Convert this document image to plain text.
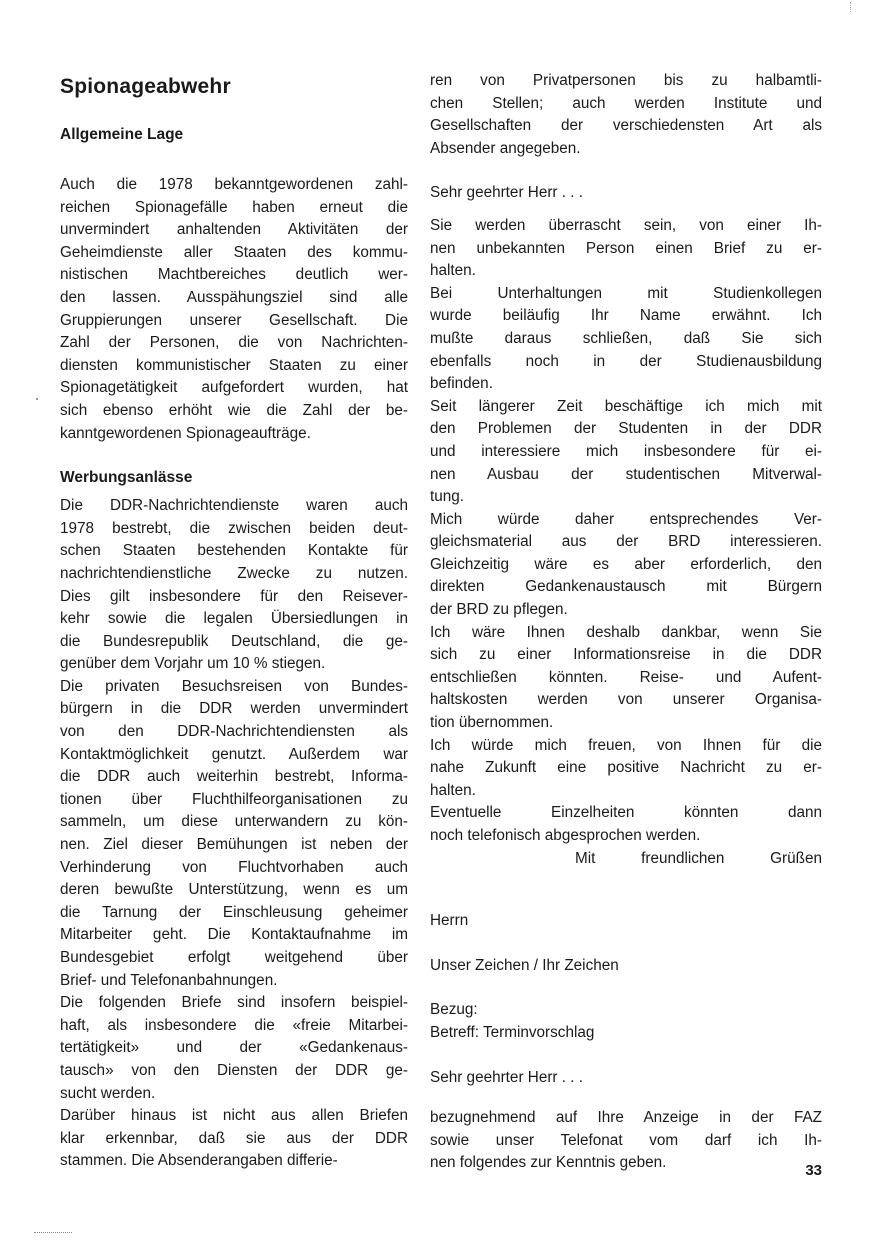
Spionageabwehr
Allgemeine Lage

Auch die 1978 bekanntgewordenen zahl-
reichen Spionagefälle haben erneut die
unvermindert anhaltenden Aktivitäten der
Geheimdienste aller Staaten des kommu-
nistischen Machtbereiches deutlich wer-
den lassen. Ausspähungsziel sind alle
Gruppierungen unserer Gesellschaft. Die
Zahl der Personen, die von Nachrichten-
diensten kommunistischer Staaten zu einer
Spionagetätigkeit aufgefordert wurden, hat
sich ebenso erhöht wie die Zahl der be-
kanntgewordenen Spionageaufträge.

Werbungsanlässe

Die DDR-Nachrichtendienste waren auch
1978 bestrebt, die zwischen beiden deut-
schen Staaten bestehenden Kontakte für
nachrichtendienstliche Zwecke zu nutzen.
Dies gilt insbesondere für den Reisever-
kehr sowie die legalen Übersiedlungen in
die Bundesrepublik Deutschland, die ge-
genüber dem Vorjahr um 10 % stiegen.
Die privaten Besuchsreisen von Bundes-
bürgern in die DDR werden unvermindert
von den DDR-Nachrichtendiensten als
Kontaktmöglichkeit genutzt. Außerdem war
die DDR auch weiterhin bestrebt, Informa-
tionen über Fluchthilfeorganisationen zu
sammeln, um diese unterwandern zu kön-
nen. Ziel dieser Bemühungen ist neben der
Verhinderung von Fluchtvorhaben auch
deren bewußte Unterstützung, wenn es um
die Tarnung der Einschleusung geheimer
Mitarbeiter geht. Die Kontaktaufnahme im
Bundesgebiet erfolgt weitgehend über
Brief- und Telefonanbahnungen.
Die folgenden Briefe sind insofern beispiel-
haft, als insbesondere die «freie Mitarbei-
tertätigkeit» und der «Gedankenaus-
tausch» von den Diensten der DDR ge-
sucht werden.
Darüber hinaus ist nicht aus allen Briefen
klar erkennbar, daß sie aus der DDR
stammen. Die Absenderangaben differie-

ren von Privatpersonen bis zu halbamtli-
chen Stellen; auch werden Institute und
Gesellschaften der verschiedensten Art als
Absender angegeben.

Sehr geehrter Herr . . .

Sie werden überrascht sein, von einer Ih-
nen unbekannten Person einen Brief zu er-
halten.
Bei Unterhaltungen mit Studienkollegen
wurde beiläufig Ihr Name erwähnt. Ich
mußte daraus schließen, daß Sie sich
ebenfalls noch in der Studienausbildung
befinden.
Seit längerer Zeit beschäftige ich mich mit
den Problemen der Studenten in der DDR
und interessiere mich insbesondere für ei-
nen Ausbau der studentischen Mitverwal-
tung.
Mich würde daher entsprechendes Ver-
gleichsmaterial aus der BRD interessieren.
Gleichzeitig wäre es aber erforderlich, den
direkten Gedankenaustausch mit Bürgern
der BRD zu pflegen.
Ich wäre Ihnen deshalb dankbar, wenn Sie
sich zu einer Informationsreise in die DDR
entschließen könnten. Reise- und Aufent-
haltskosten werden von unserer Organisa-
tion übernommen.
Ich würde mich freuen, von Ihnen für die
nahe Zukunft eine positive Nachricht zu er-
halten.
Eventuelle Einzelheiten könnten dann
noch telefonisch abgesprochen werden.

Mit freundlichen Grüßen
Herrn
Unser Zeichen / Ihr Zeichen
Bezug:
Betreff: Terminvorschlag
Sehr geehrter Herr . . .

bezugnehmend auf Ihre Anzeige in der FAZ
sowie unser Telefonat vom darf ich Ih-
nen folgendes zur Kenntnis geben.	33
